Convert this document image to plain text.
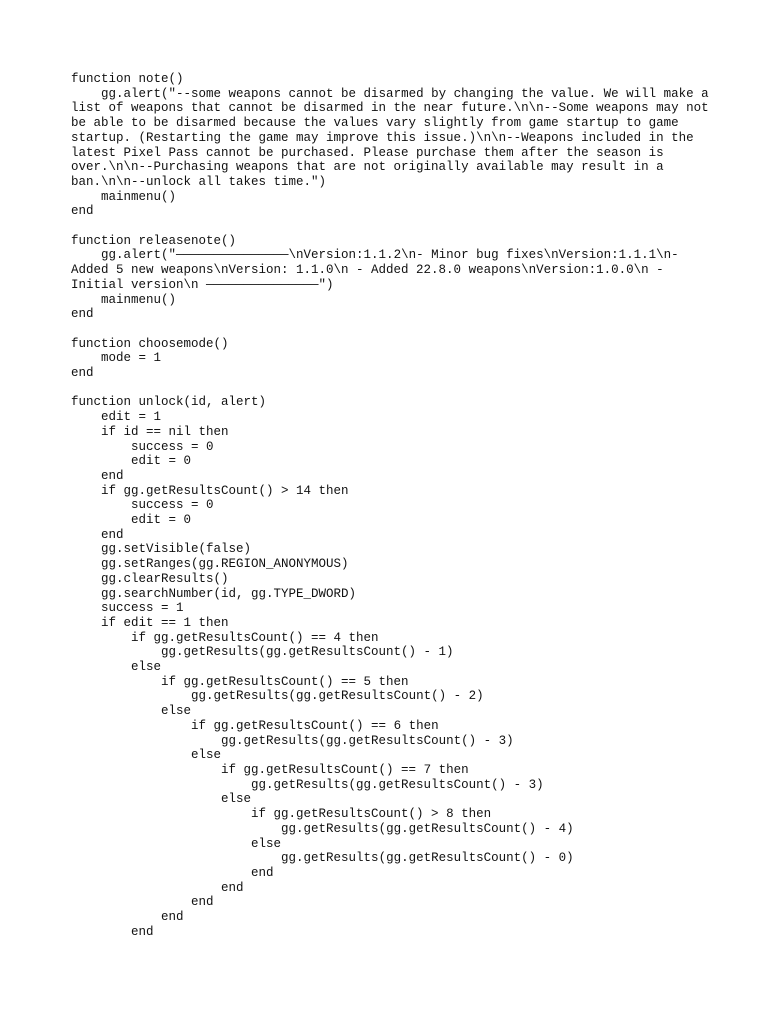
function note()
gg.alert("--some weapons cannot be disarmed by changing the value. We will make a list of weapons that cannot be disarmed in the near future.\n\n--Some weapons may not be able to be disarmed because the values vary slightly from game startup to game startup. (Restarting the game may improve this issue.)\n\n--Weapons included in the latest Pixel Pass cannot be purchased. Please purchase them after the season is over.\n\n--Purchasing weapons that are not originally available may result in a ban.\n\n--unlock all takes time.")
mainmenu()
end
function releasenote()
gg.alert("———————————————\nVersion:1.1.2\n- Minor bug fixes\nVersion:1.1.1\n- Added 5 new weapons\nVersion: 1.1.0\n - Added 22.8.0 weapons\nVersion:1.0.0\n - Initial version\n ———————————————")
mainmenu()
end
function choosemode()
mode = 1
end
function unlock(id, alert)
edit = 1
if id == nil then
success = 0
edit = 0
end
if gg.getResultsCount() > 14 then
success = 0
edit = 0
end
gg.setVisible(false)
gg.setRanges(gg.REGION_ANONYMOUS)
gg.clearResults()
gg.searchNumber(id, gg.TYPE_DWORD)
success = 1
if edit == 1 then
if gg.getResultsCount() == 4 then
gg.getResults(gg.getResultsCount() - 1)
else
if gg.getResultsCount() == 5 then
gg.getResults(gg.getResultsCount() - 2)
else
if gg.getResultsCount() == 6 then
gg.getResults(gg.getResultsCount() - 3)
else
if gg.getResultsCount() == 7 then
gg.getResults(gg.getResultsCount() - 3)
else
if gg.getResultsCount() > 8 then
gg.getResults(gg.getResultsCount() - 4)
else
gg.getResults(gg.getResultsCount() - 0)
end
end
end
end
end
